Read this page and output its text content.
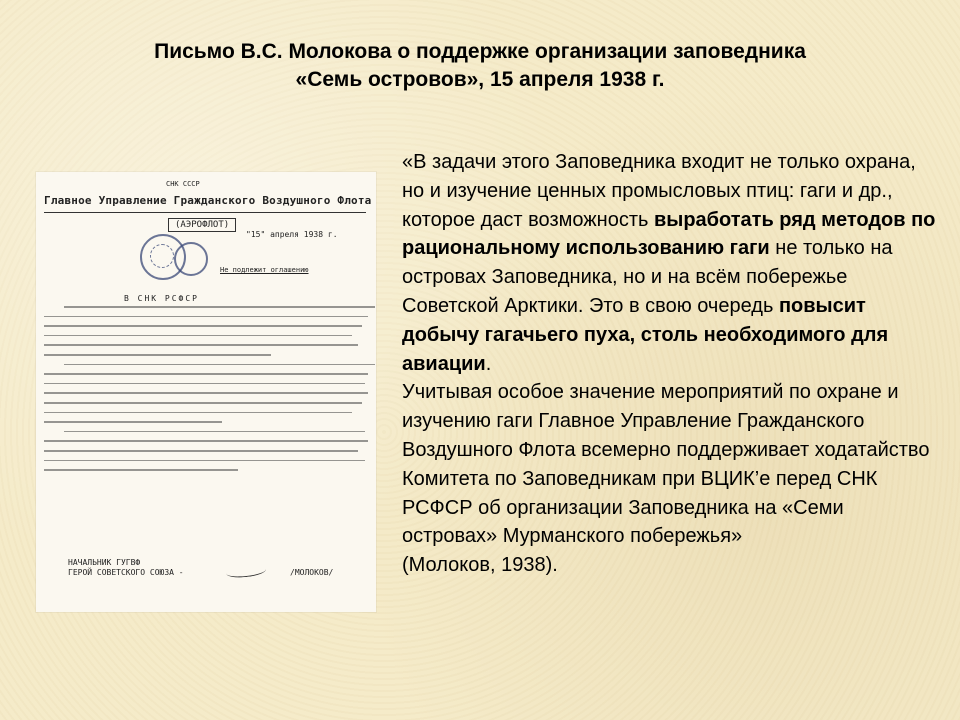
Письмо В.С. Молокова о поддержке организации заповедника
«Семь островов», 15 апреля 1938 г.
СНК СССР
Главное Управление Гражданского Воздушного Флота
(АЭРОФЛОТ)
"15" апреля 1938 г.
Не подлежит оглашению
В СНК РСФСР
НАЧАЛЬНИК ГУГВФ
ГЕРОЙ СОВЕТСКОГО СОЮЗА -	/МОЛОКОВ/
«В задачи этого Заповедника входит не только охрана, но и изучение ценных промысловых птиц: гаги и др., которое даст возможность выработать ряд методов по рациональному использованию гаги не только на островах Заповедника, но и на всём побережье Советской Арктики. Это в свою очередь повысит добычу гагачьего пуха, столь необходимого для авиации.
Учитывая особое значение мероприятий по охране и изучению гаги Главное Управление Гражданского Воздушного Флота всемерно поддерживает ходатайство Комитета по Заповедникам при ВЦИК’е перед СНК РСФСР об организации Заповедника на «Семи островах» Мурманского побережья»
(Молоков, 1938).
